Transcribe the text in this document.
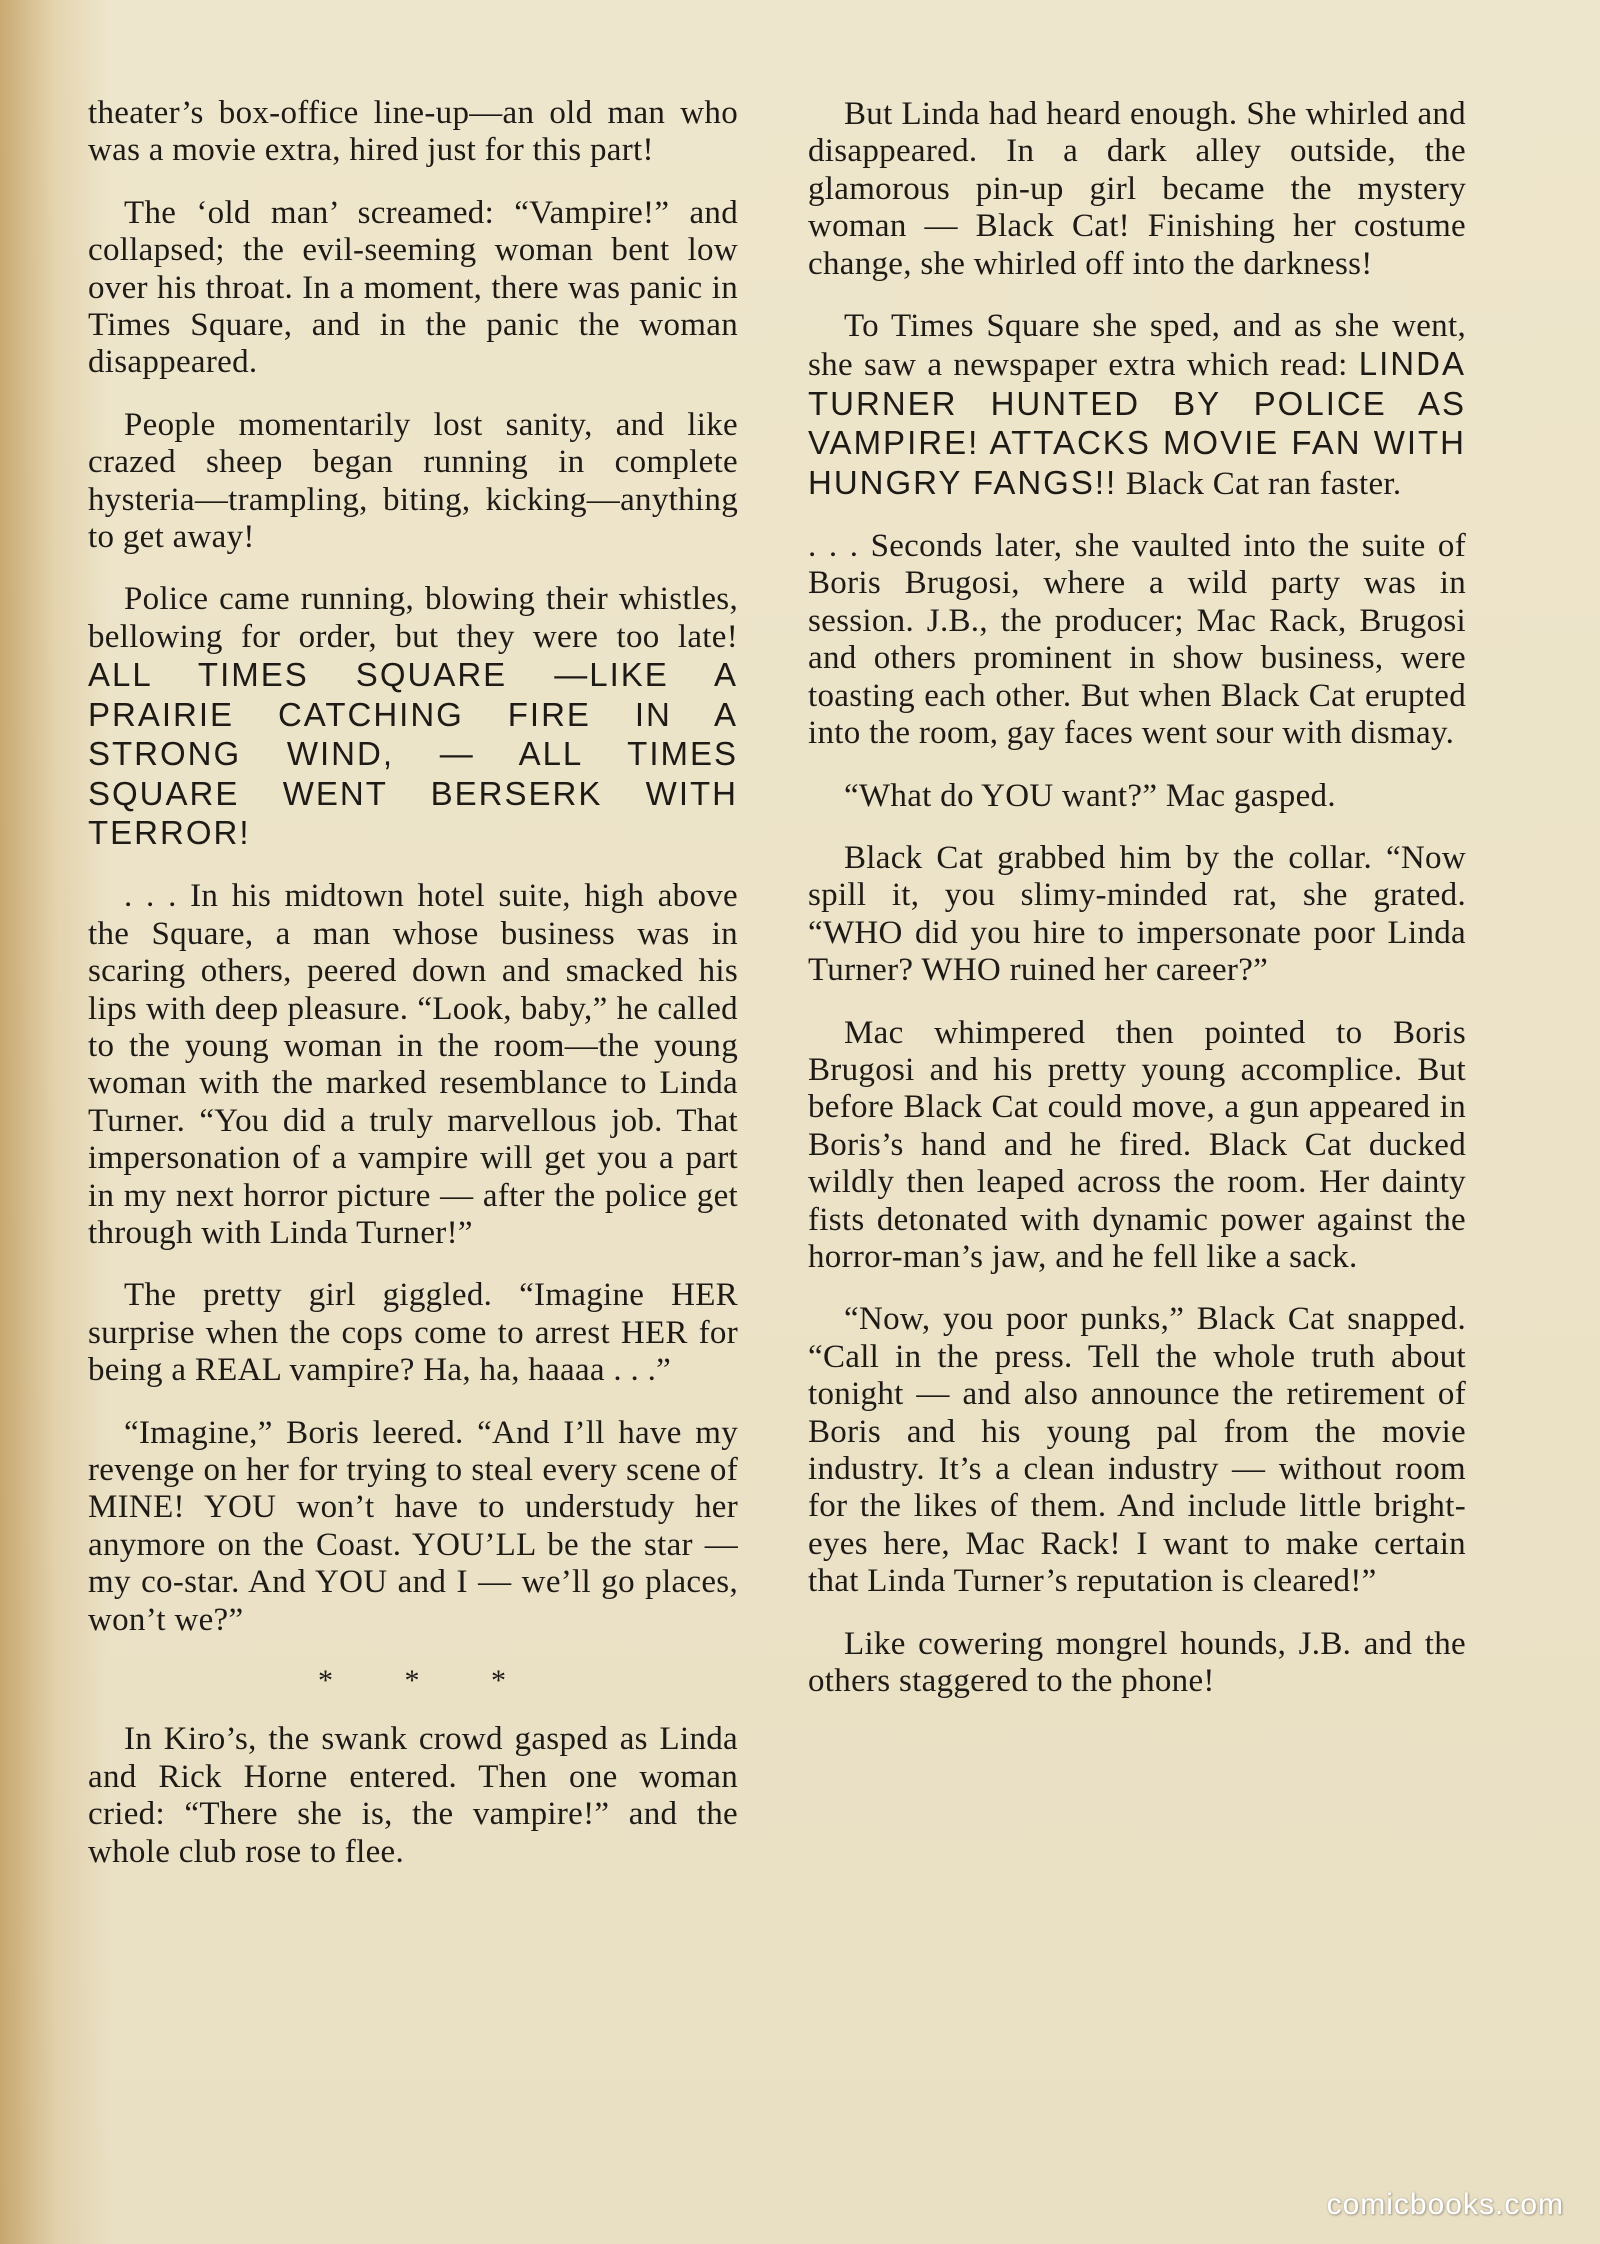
theater’s box-office line-up—an old man who was a movie extra, hired just for this part!

The ‘old man’ screamed: “Vampire!” and collapsed; the evil-seeming woman bent low over his throat. In a moment, there was panic in Times Square, and in the panic the woman disappeared.

People momentarily lost sanity, and like crazed sheep began running in complete hysteria—trampling, biting, kicking—anything to get away!

Police came running, blowing their whistles, bellowing for order, but they were too late! ALL TIMES SQUARE —LIKE A PRAIRIE CATCHING FIRE IN A STRONG WIND, — ALL TIMES SQUARE WENT BERSERK WITH TERROR!

. . . In his midtown hotel suite, high above the Square, a man whose business was in scaring others, peered down and smacked his lips with deep pleasure. “Look, baby,” he called to the young woman in the room—the young woman with the marked resemblance to Linda Turner. “You did a truly marvellous job. That impersonation of a vampire will get you a part in my next horror picture — after the police get through with Linda Turner!”

The pretty girl giggled. “Imagine HER surprise when the cops come to arrest HER for being a REAL vampire? Ha, ha, haaaa . . .”

“Imagine,” Boris leered. “And I’ll have my revenge on her for trying to steal every scene of MINE! YOU won’t have to understudy her anymore on the Coast. YOU’LL be the star — my co-star. And YOU and I — we’ll go places, won’t we?”

* * *

In Kiro’s, the swank crowd gasped as Linda and Rick Horne entered. Then one woman cried: “There she is, the vampire!” and the whole club rose to flee.

But Linda had heard enough. She whirled and disappeared. In a dark alley outside, the glamorous pin-up girl became the mystery woman — Black Cat! Finishing her costume change, she whirled off into the darkness!

To Times Square she sped, and as she went, she saw a newspaper extra which read: LINDA TURNER HUNTED BY POLICE AS VAMPIRE! ATTACKS MOVIE FAN WITH HUNGRY FANGS!! Black Cat ran faster.

. . . Seconds later, she vaulted into the suite of Boris Brugosi, where a wild party was in session. J.B., the producer; Mac Rack, Brugosi and others prominent in show business, were toasting each other. But when Black Cat erupted into the room, gay faces went sour with dismay.

“What do YOU want?” Mac gasped.

Black Cat grabbed him by the collar. “Now spill it, you slimy-minded rat, she grated. “WHO did you hire to impersonate poor Linda Turner? WHO ruined her career?”

Mac whimpered then pointed to Boris Brugosi and his pretty young accomplice. But before Black Cat could move, a gun appeared in Boris’s hand and he fired. Black Cat ducked wildly then leaped across the room. Her dainty fists detonated with dynamic power against the horror-man’s jaw, and he fell like a sack.

“Now, you poor punks,” Black Cat snapped. “Call in the press. Tell the whole truth about tonight — and also announce the retirement of Boris and his young pal from the movie industry. It’s a clean industry — without room for the likes of them. And include little bright-eyes here, Mac Rack! I want to make certain that Linda Turner’s reputation is cleared!”

Like cowering mongrel hounds, J.B. and the others staggered to the phone!

comicbooks.com
